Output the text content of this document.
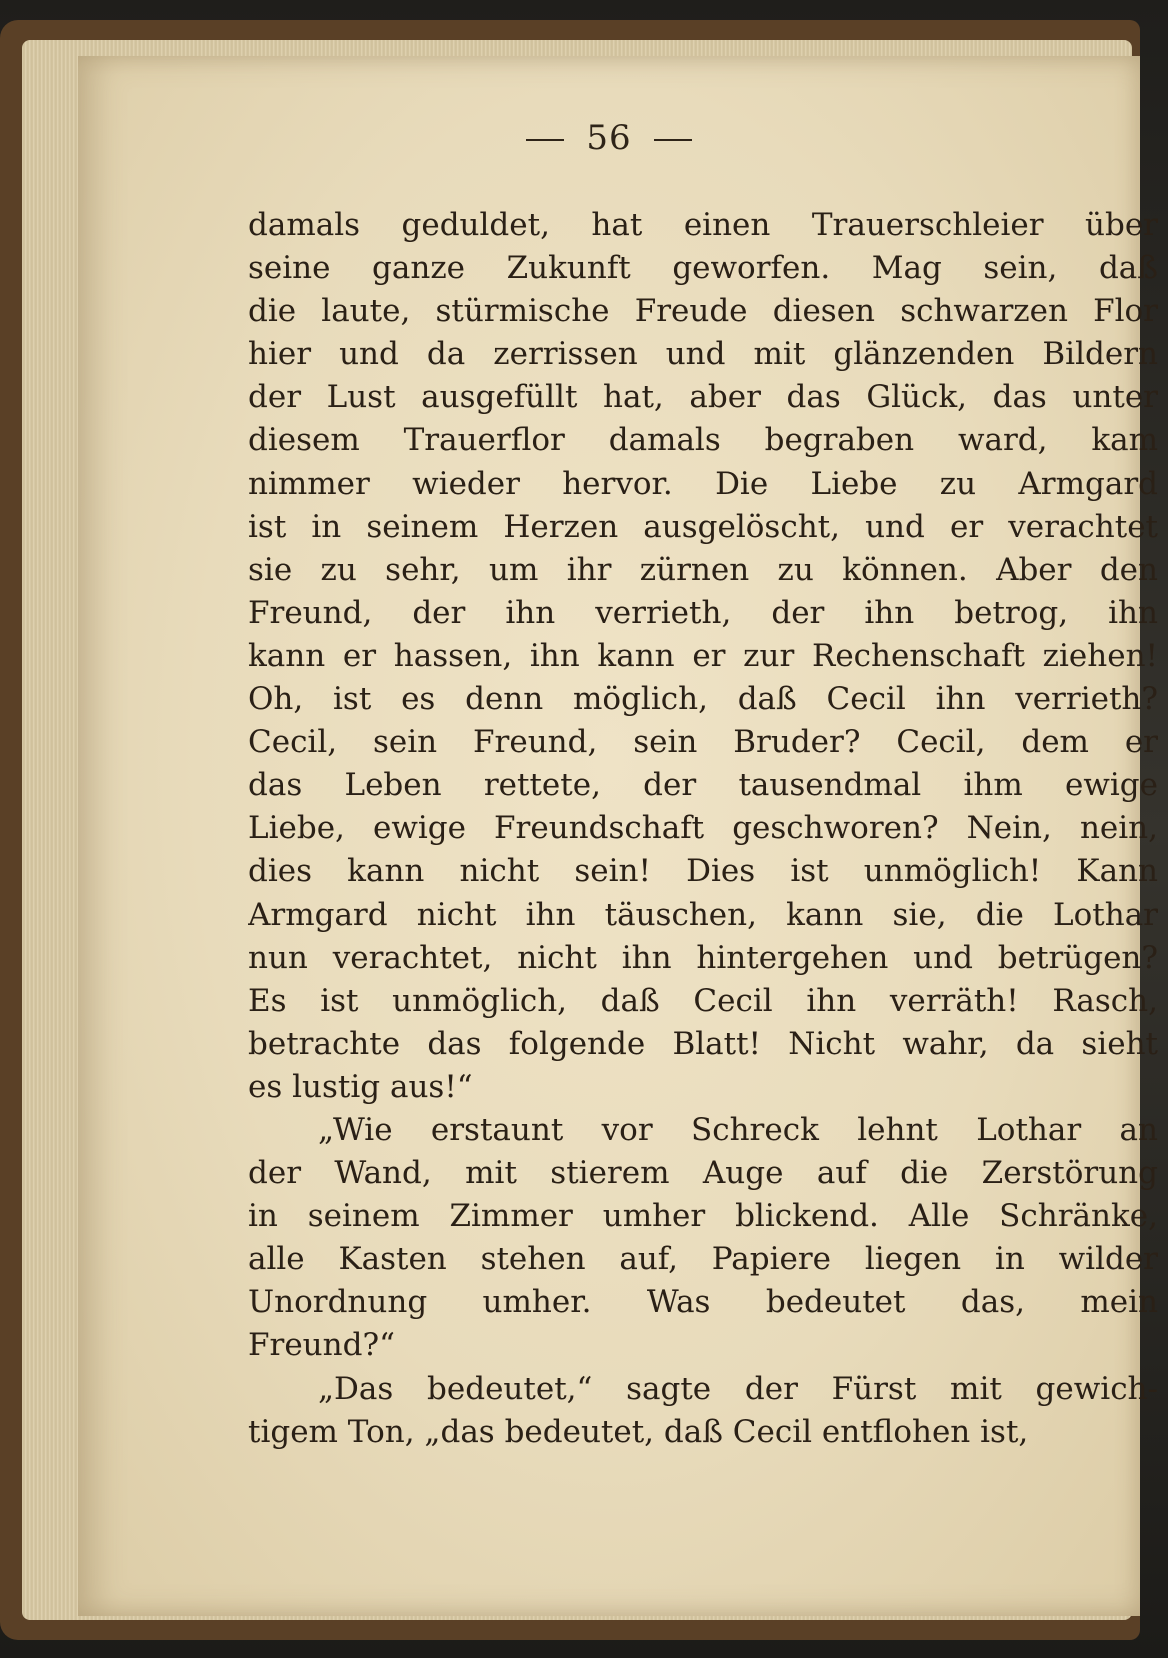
56
damals geduldet, hat einen Trauerschleier über
seine ganze Zukunft geworfen. Mag sein, daß
die laute, stürmische Freude diesen schwarzen Flor
hier und da zerrissen und mit glänzenden Bildern
der Lust ausgefüllt hat, aber das Glück, das unter
diesem Trauerflor damals begraben ward, kam
nimmer wieder hervor. Die Liebe zu Armgard
ist in seinem Herzen ausgelöscht, und er verachtet
sie zu sehr, um ihr zürnen zu können. Aber den
Freund, der ihn verrieth, der ihn betrog, ihn
kann er hassen, ihn kann er zur Rechenschaft ziehen!
Oh, ist es denn möglich, daß Cecil ihn verrieth?
Cecil, sein Freund, sein Bruder? Cecil, dem er
das Leben rettete, der tausendmal ihm ewige
Liebe, ewige Freundschaft geschworen? Nein, nein,
dies kann nicht sein! Dies ist unmöglich! Kann
Armgard nicht ihn täuschen, kann sie, die Lothar
nun verachtet, nicht ihn hintergehen und betrügen?
Es ist unmöglich, daß Cecil ihn verräth! Rasch,
betrachte das folgende Blatt! Nicht wahr, da sieht
es lustig aus!“
„Wie erstaunt vor Schreck lehnt Lothar an
der Wand, mit stierem Auge auf die Zerstörung
in seinem Zimmer umher blickend. Alle Schränke,
alle Kasten stehen auf, Papiere liegen in wilder
Unordnung umher. Was bedeutet das, mein
Freund?“
„Das bedeutet,“ sagte der Fürst mit gewich-
tigem Ton, „das bedeutet, daß Cecil entflohen ist,
